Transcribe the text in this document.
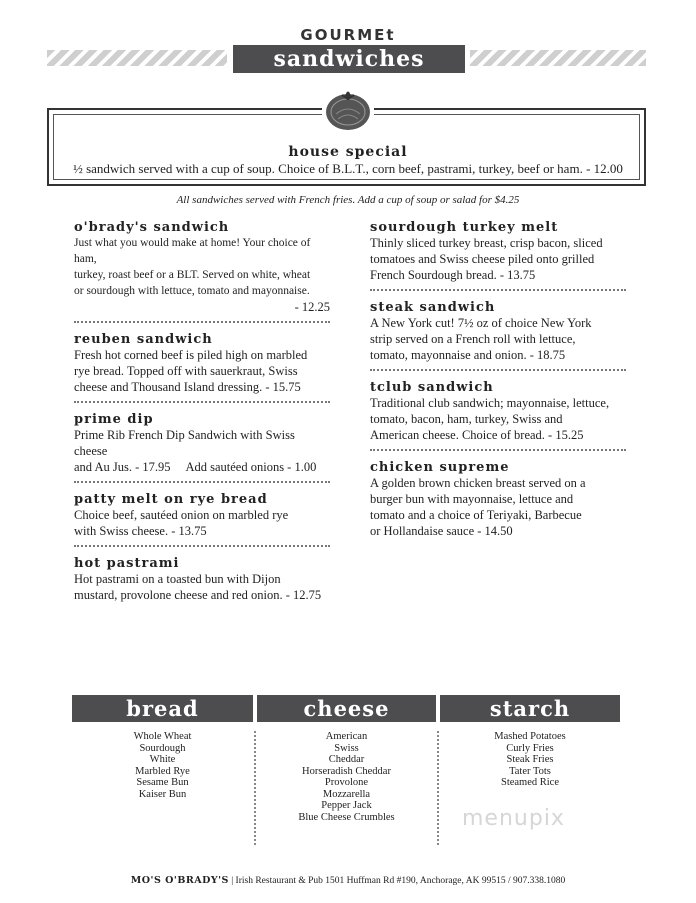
GOURMEt
sandwiches
house special
½ sandwich served with a cup of soup. Choice of B.L.T., corn beef, pastrami, turkey, beef or ham. - 12.00
All sandwiches served with French fries. Add a cup of soup or salad for $4.25
o'brady's sandwich
Just what you would make at home! Your choice of ham,
turkey, roast beef or a BLT. Served on white, wheat
or sourdough with lettuce, tomato and mayonnaise.
- 12.25
reuben sandwich
Fresh hot corned beef is piled high on marbled
rye bread. Topped off with sauerkraut, Swiss
cheese and Thousand Island dressing. - 15.75
prime dip
Prime Rib French Dip Sandwich with Swiss cheese
and Au Jus. - 17.95     Add sautéed onions - 1.00
patty melt on rye bread
Choice beef, sautéed onion on marbled rye
with Swiss cheese. - 13.75
hot pastrami
Hot pastrami on a toasted bun with Dijon
mustard, provolone cheese and red onion. - 12.75
sourdough turkey melt
Thinly sliced turkey breast, crisp bacon, sliced
tomatoes and Swiss cheese piled onto grilled
French Sourdough bread. - 13.75
steak sandwich
A New York cut! 7½ oz of choice New York
strip served on a French roll with lettuce,
tomato, mayonnaise and onion. - 18.75
tclub sandwich
Traditional club sandwich; mayonnaise, lettuce,
tomato, bacon, ham, turkey, Swiss and
American cheese. Choice of bread. - 15.25
chicken supreme
A golden brown chicken breast served on a
burger bun with mayonnaise, lettuce and
tomato and a choice of Teriyaki, Barbecue
or Hollandaise sauce - 14.50
bread	cheese	starch
Whole Wheat
Sourdough
White
Marbled Rye
Sesame Bun
Kaiser Bun
American
Swiss
Cheddar
Horseradish Cheddar
Provolone
Mozzarella
Pepper Jack
Blue Cheese Crumbles
Mashed Potatoes
Curly Fries
Steak Fries
Tater Tots
Steamed Rice
menupix
MO'S O'BRADY'S | Irish Restaurant & Pub 1501 Huffman Rd #190, Anchorage, AK 99515 / 907.338.1080
